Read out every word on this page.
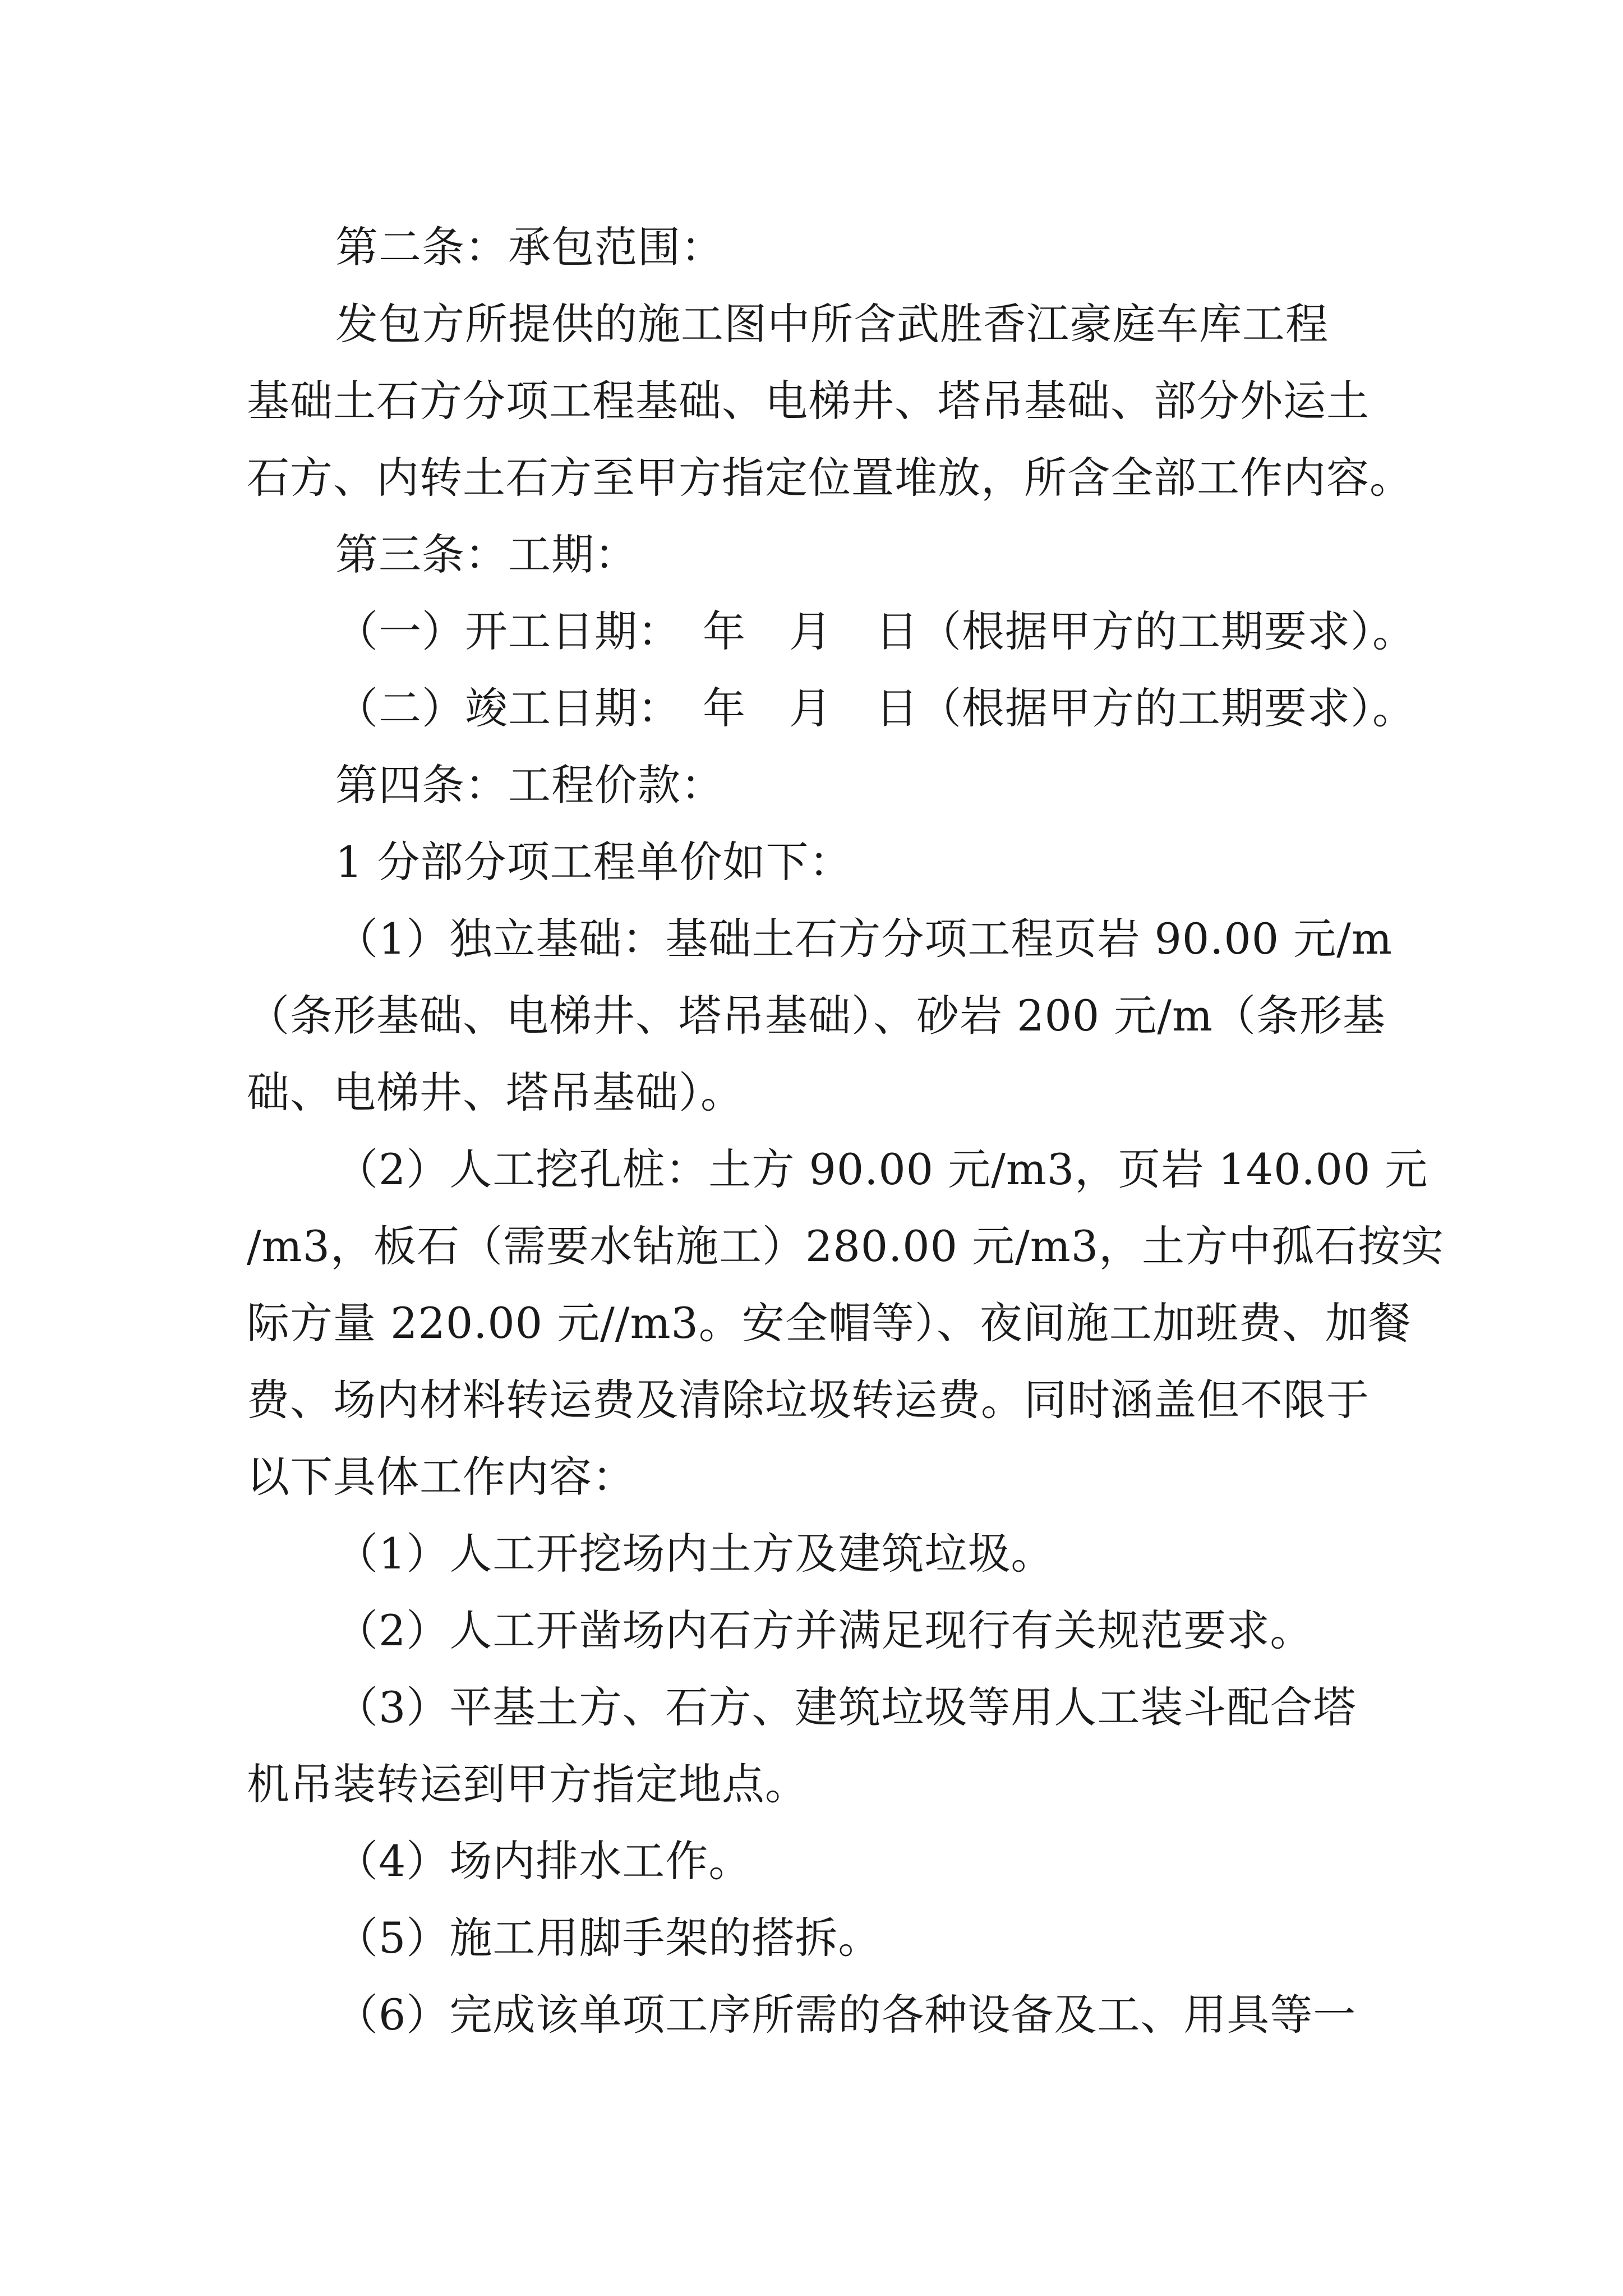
第二条：承包范围：
发包方所提供的施工图中所含武胜香江豪庭车库工程
基础土石方分项工程基础、电梯井、塔吊基础、部分外运土
石方、内转土石方至甲方指定位置堆放，所含全部工作内容。
第三条：工期：
（一）开工日期：　年　月　日（根据甲方的工期要求）。
（二）竣工日期：　年　月　日（根据甲方的工期要求）。
第四条：工程价款：
1 分部分项工程单价如下：
（1）独立基础：基础土石方分项工程页岩 90.00 元/m
（条形基础、电梯井、塔吊基础）、砂岩 200 元/m（条形基
础、电梯井、塔吊基础）。
（2）人工挖孔桩：土方 90.00 元/m3，页岩 140.00 元
/m3，板石（需要水钻施工）280.00 元/m3，土方中孤石按实
际方量 220.00 元//m3。安全帽等）、夜间施工加班费、加餐
费、场内材料转运费及清除垃圾转运费。同时涵盖但不限于
以下具体工作内容：
（1）人工开挖场内土方及建筑垃圾。
（2）人工开凿场内石方并满足现行有关规范要求。
（3）平基土方、石方、建筑垃圾等用人工装斗配合塔
机吊装转运到甲方指定地点。
（4）场内排水工作。
（5）施工用脚手架的搭拆。
（6）完成该单项工序所需的各种设备及工、用具等一
